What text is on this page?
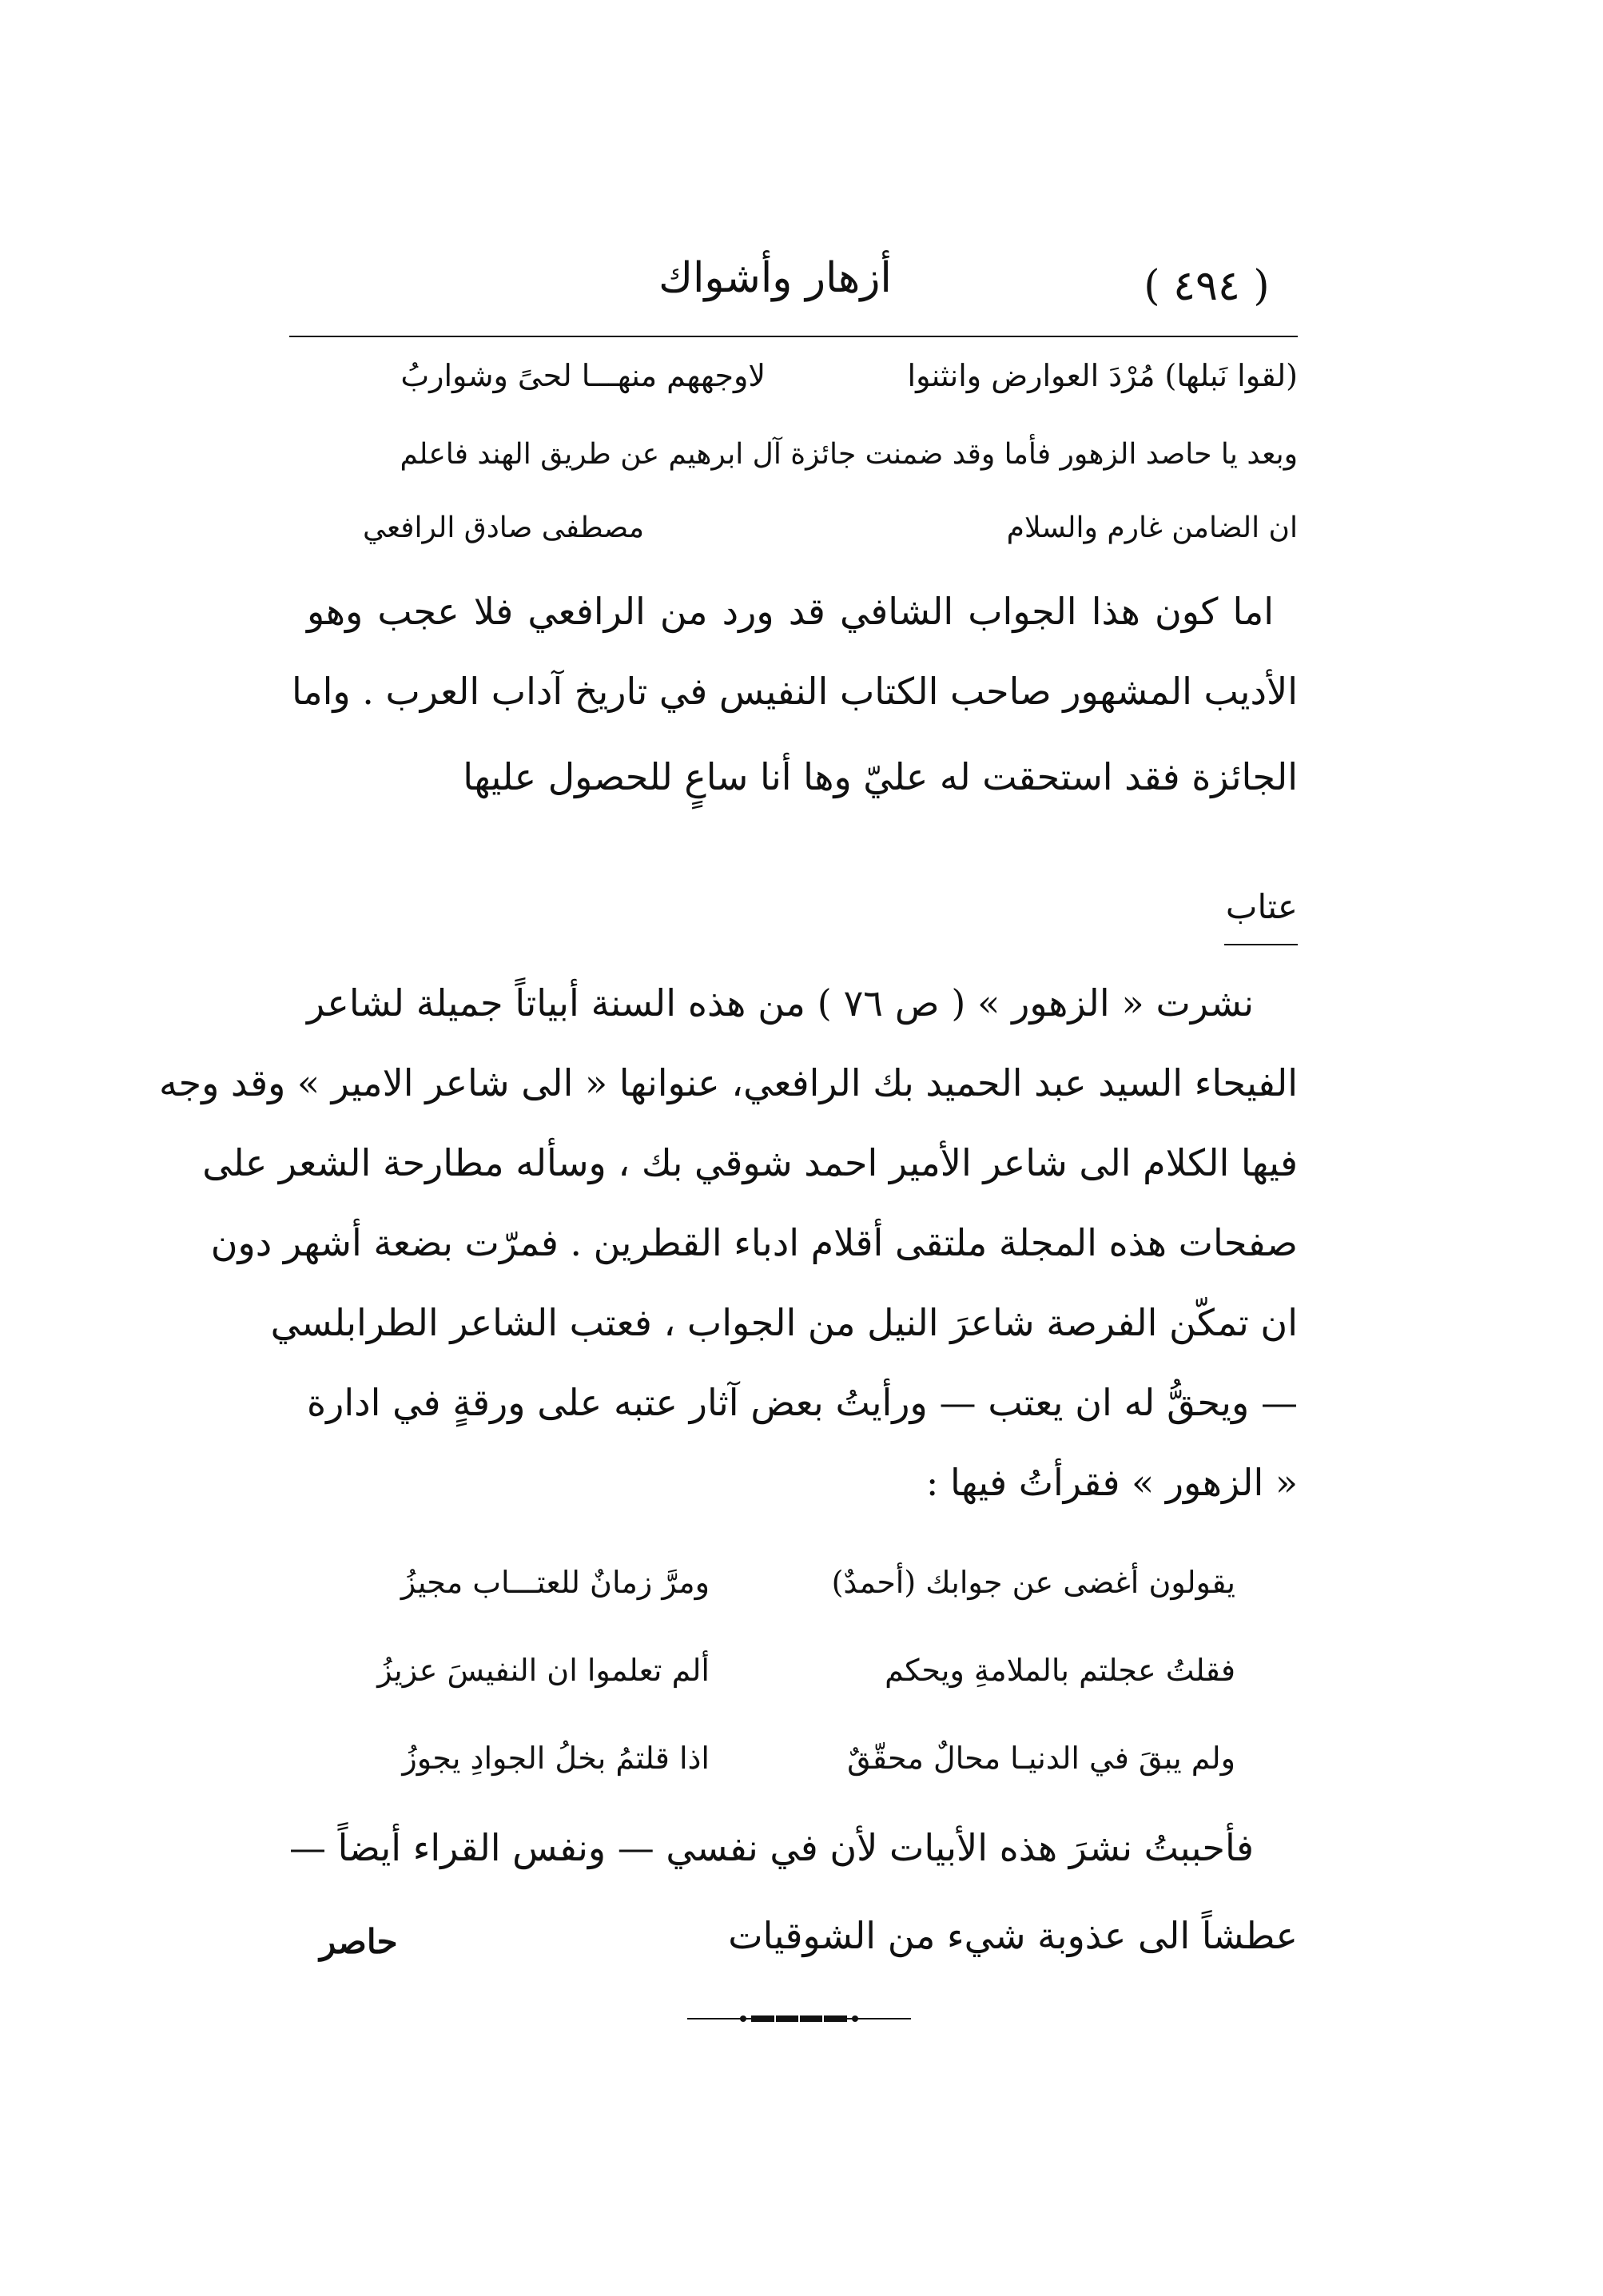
أزهار وأشواك	( ٤٩٤ )
(لقوا نَبلها) مُرْدَ العوارض وانثنوا
لاوجههم منهـــا لحىً وشواربُ
وبعد يا حاصد الزهور فأما وقد ضمنت جائزة آل ابرهيم عن طريق الهند فاعلم
ان الضامن غارم والسلام
مصطفى صادق الرافعي
اما كون هذا الجواب الشافي قد ورد من الرافعي فلا عجب وهو
الأديب المشهور صاحب الكتاب النفيس في تاريخ آداب العرب . واما
الجائزة فقد استحقت له عليّ وها أنا ساعٍ للحصول عليها
عتاب
نشرت « الزهور » ( ص ٧٦ ) من هذه السنة أبياتاً جميلة لشاعر
الفيحاء السيد عبد الحميد بك الرافعي، عنوانها « الى شاعر الامير » وقد وجه
فيها الكلام الى شاعر الأمير احمد شوقي بك ، وسأله مطارحة الشعر على
صفحات هذه المجلة ملتقى أقلام ادباء القطرين . فمرّت بضعة أشهر دون
ان تمكّن الفرصة شاعرَ النيل من الجواب ، فعتب الشاعر الطرابلسي
— ويحقُّ له ان يعتب — ورأيتُ بعض آثار عتبه على ورقةٍ في ادارة
« الزهور » فقرأتُ فيها :
يقولون أغضى عن جوابك (أحمدٌ)
ومرَّ زمانٌ للعتـــاب مجيزُ
فقلتُ عجلتم بالملامةِ ويحكم
ألم تعلموا ان النفيسَ عزيزُ
ولم يبقَ في الدنيـا محالٌ محقّقٌ
اذا قلتمُ بخلُ الجوادِ يجوزُ
فأحببتُ نشرَ هذه الأبيات لأن في نفسي — ونفس القراء أيضاً —
عطشاً الى عذوبة شيء من الشوقيات
حاصر
